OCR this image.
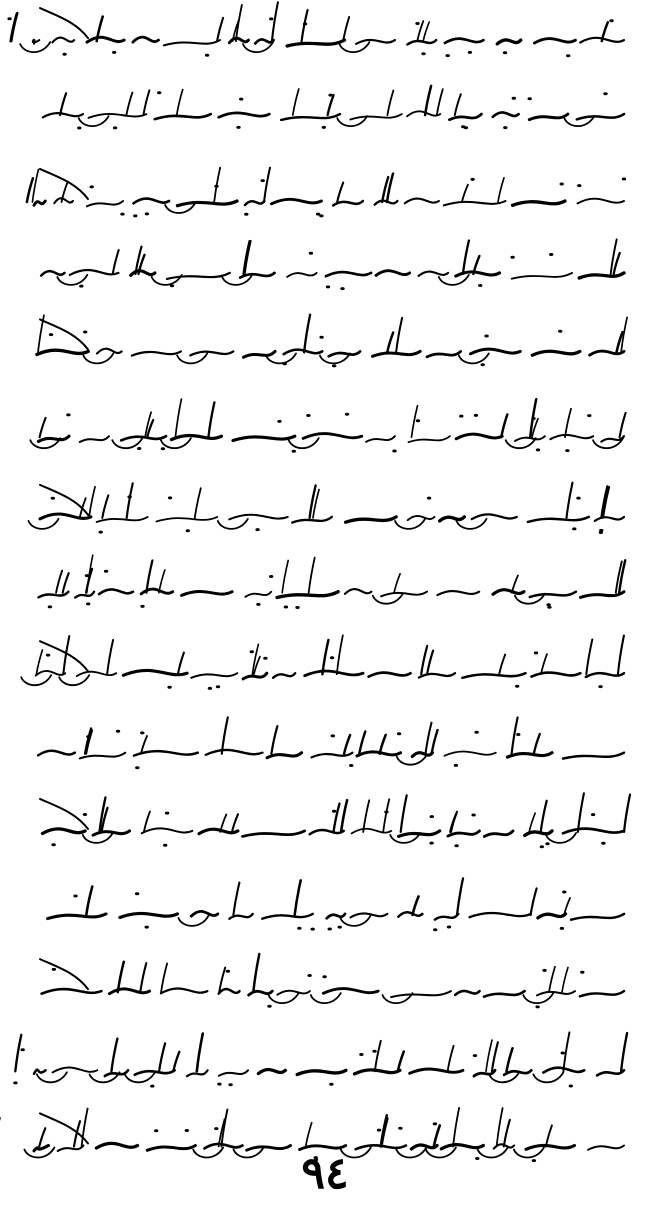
٩٤
